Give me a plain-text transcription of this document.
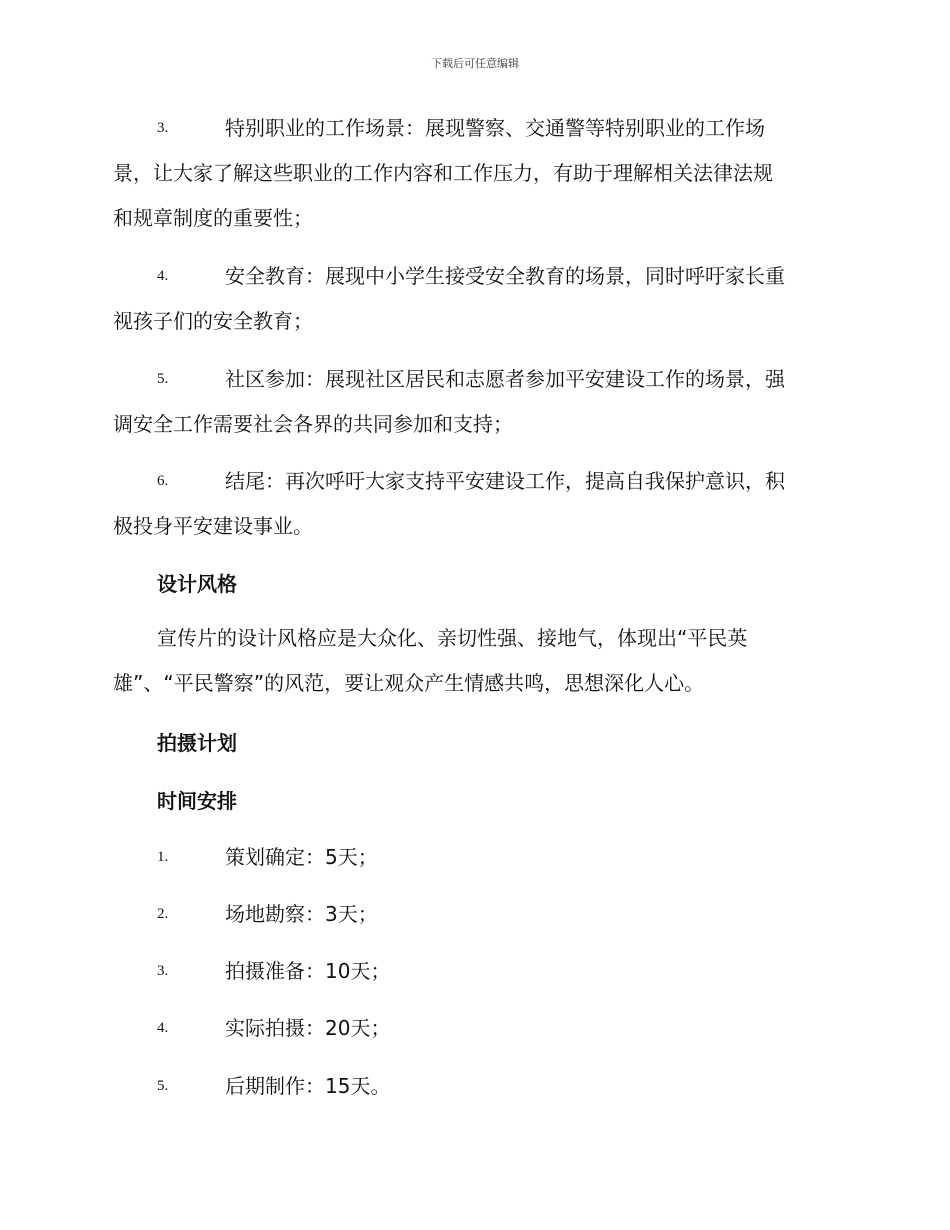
下载后可任意编辑
3.	特别职业的工作场景：展现警察、交通警等特别职业的工作场
景，让大家了解这些职业的工作内容和工作压力，有助于理解相关法律法规
和规章制度的重要性；
4.	安全教育：展现中小学生接受安全教育的场景，同时呼吁家长重
视孩子们的安全教育；
5.	社区参加：展现社区居民和志愿者参加平安建设工作的场景，强
调安全工作需要社会各界的共同参加和支持；
6.	结尾：再次呼吁大家支持平安建设工作，提高自我保护意识，积
极投身平安建设事业。
设计风格
宣传片的设计风格应是大众化、亲切性强、接地气，体现出“平民英
雄”、“平民警察”的风范，要让观众产生情感共鸣，思想深化人心。
拍摄计划
时间安排
1.	策划确定：5天；
2.	场地勘察：3天；
3.	拍摄准备：10天；
4.	实际拍摄：20天；
5.	后期制作：15天。
